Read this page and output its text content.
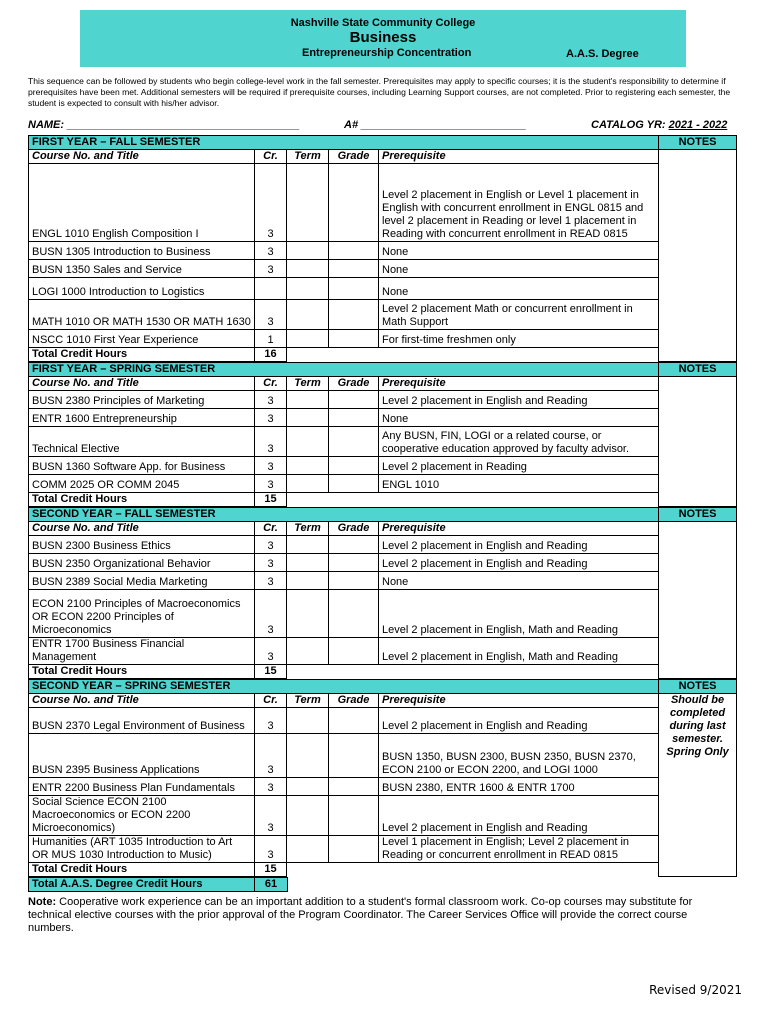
Nashville State Community College
Business
Entrepreneurship Concentration	A.A.S. Degree
This sequence can be followed by students who begin college-level work in the fall semester. Prerequisites may apply to specific courses; it is the student's responsibility to determine if prerequisites have been met. Additional semesters will be required if prerequisite courses, including Learning Support courses, are not completed. Prior to registering each semester, the student is expected to consult with his/her advisor.
NAME: ______________________________________	A# ___________________________	CATALOG YR: 2021 - 2022
FIRST YEAR – FALL SEMESTER					NOTES
Course No. and Title	Cr.	Term	Grade	Prerequisite	
ENGL 1010 English Composition I	3			Level 2 placement in English or Level 1 placement in English with concurrent enrollment in ENGL 0815 and level 2 placement in Reading or level 1 placement in Reading with concurrent enrollment in READ 0815	
BUSN 1305 Introduction to Business	3			None	
BUSN 1350 Sales and Service	3			None	
LOGI 1000 Introduction to Logistics				None	
MATH 1010 OR MATH 1530 OR MATH 1630	3			Level 2 placement Math or concurrent enrollment in Math Support	
NSCC 1010 First Year Experience	1			For first-time freshmen only	
Total Credit Hours	16				
FIRST YEAR – SPRING SEMESTER					NOTES
Course No. and Title	Cr.	Term	Grade	Prerequisite	
BUSN 2380 Principles of Marketing	3			Level 2 placement in English and Reading	
ENTR 1600 Entrepreneurship	3			None	
Technical Elective	3			Any BUSN, FIN, LOGI or a related course, or cooperative education approved by faculty advisor.	
BUSN 1360 Software App. for Business	3			Level 2 placement in Reading	
COMM 2025 OR COMM 2045	3			ENGL 1010	
Total Credit Hours	15				
SECOND YEAR – FALL SEMESTER					NOTES
Course No. and Title	Cr.	Term	Grade	Prerequisite	
BUSN 2300 Business Ethics	3			Level 2 placement in English and Reading	
BUSN 2350 Organizational Behavior	3			Level 2 placement in English and Reading	
BUSN 2389 Social Media Marketing	3			None	
ECON 2100 Principles of Macroeconomics OR ECON 2200 Principles of Microeconomics	3			Level 2 placement in English, Math and Reading	
ENTR 1700 Business Financial Management	3			Level 2 placement in English, Math and Reading	
Total Credit Hours	15				
SECOND YEAR – SPRING SEMESTER					NOTES
Course No. and Title	Cr.	Term	Grade	Prerequisite	Should be completed during last semester. Spring Only
BUSN 2370 Legal Environment of Business	3			Level 2 placement in English and Reading	
BUSN 2395 Business Applications	3			BUSN 1350, BUSN 2300, BUSN 2350, BUSN 2370, ECON 2100 or ECON 2200, and LOGI 1000	
ENTR 2200 Business Plan Fundamentals	3			BUSN 2380, ENTR 1600 & ENTR 1700	
Social Science ECON 2100 Macroeconomics or ECON 2200 Microeconomics)	3			Level 2 placement in English and Reading	
Humanities (ART 1035 Introduction to Art OR MUS 1030 Introduction to Music)	3			Level 1 placement in English; Level 2 placement in Reading or concurrent enrollment in READ 0815	
Total Credit Hours	15				
Total A.A.S. Degree Credit Hours	61	
Note: Cooperative work experience can be an important addition to a student's formal classroom work. Co-op courses may substitute for technical elective courses with the prior approval of the Program Coordinator. The Career Services Office will provide the correct course numbers.
Revised 9/2021
